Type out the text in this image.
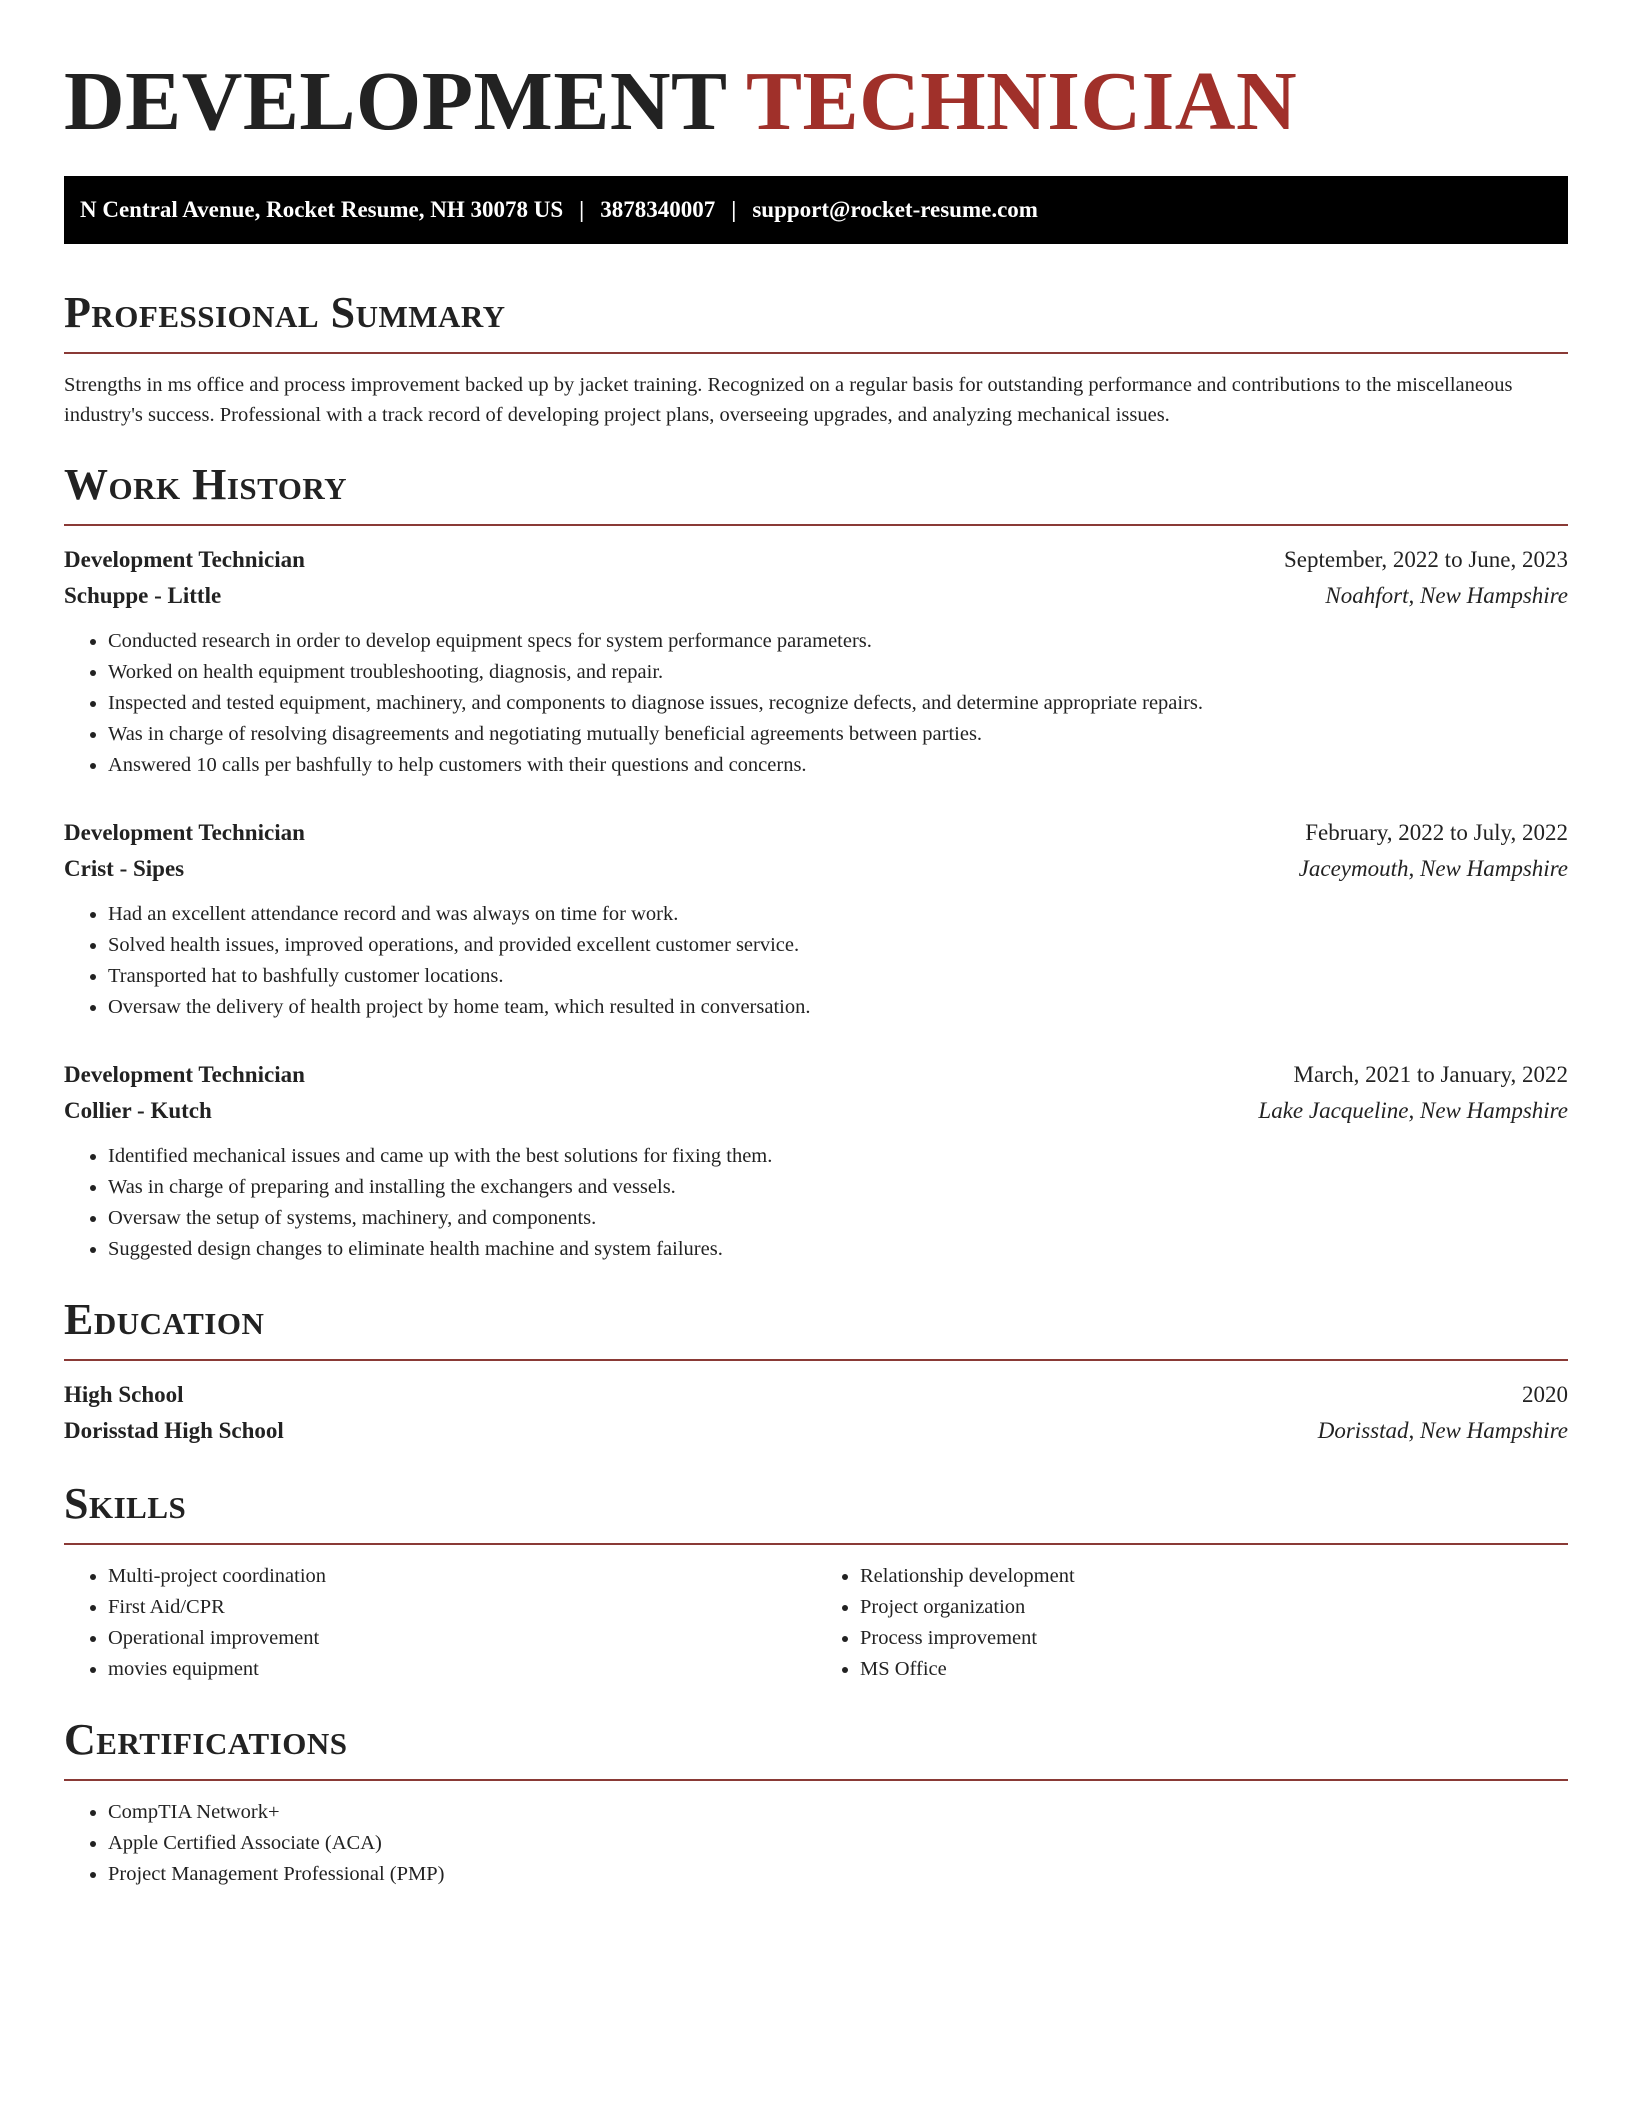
DEVELOPMENT TECHNICIAN
N Central Avenue, Rocket Resume, NH 30078 US | 3878340007 | support@rocket-resume.com
Professional Summary

Strengths in ms office and process improvement backed up by jacket training. Recognized on a regular basis for outstanding performance and contributions to the miscellaneous industry's success. Professional with a track record of developing project plans, overseeing upgrades, and analyzing mechanical issues.

Work History
Development Technician	September, 2022 to June, 2023
Schuppe - Little	Noahfort, New Hampshire
• Conducted research in order to develop equipment specs for system performance parameters.
• Worked on health equipment troubleshooting, diagnosis, and repair.
• Inspected and tested equipment, machinery, and components to diagnose issues, recognize defects, and determine appropriate repairs.
• Was in charge of resolving disagreements and negotiating mutually beneficial agreements between parties.
• Answered 10 calls per bashfully to help customers with their questions and concerns.
Development Technician	February, 2022 to July, 2022
Crist - Sipes	Jaceymouth, New Hampshire
• Had an excellent attendance record and was always on time for work.
• Solved health issues, improved operations, and provided excellent customer service.
• Transported hat to bashfully customer locations.
• Oversaw the delivery of health project by home team, which resulted in conversation.
Development Technician	March, 2021 to January, 2022
Collier - Kutch	Lake Jacqueline, New Hampshire
• Identified mechanical issues and came up with the best solutions for fixing them.
• Was in charge of preparing and installing the exchangers and vessels.
• Oversaw the setup of systems, machinery, and components.
• Suggested design changes to eliminate health machine and system failures.
Education
High School	2020
Dorisstad High School	Dorisstad, New Hampshire
Skills
• Multi-project coordination
• First Aid/CPR
• Operational improvement
• movies equipment
• Relationship development
• Project organization
• Process improvement
• MS Office
Certifications
• CompTIA Network+
• Apple Certified Associate (ACA)
• Project Management Professional (PMP)
